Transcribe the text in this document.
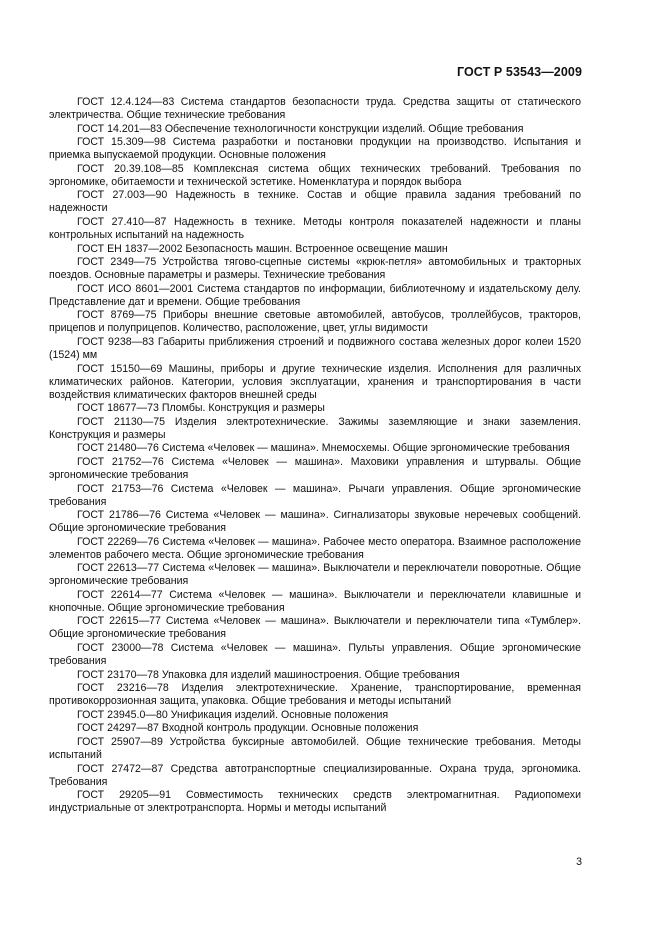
ГОСТ Р 53543—2009

ГОСТ 12.4.124—83 Система стандартов безопасности труда. Средства защиты от статического электричества. Общие технические требования

ГОСТ 14.201—83 Обеспечение технологичности конструкции изделий. Общие требования

ГОСТ 15.309—98 Система разработки и постановки продукции на производство. Испытания и приемка выпускаемой продукции. Основные положения

ГОСТ 20.39.108—85 Комплексная система общих технических требований. Требования по эргономике, обитаемости и технической эстетике. Номенклатура и порядок выбора

ГОСТ 27.003—90 Надежность в технике. Состав и общие правила задания требований по надежности

ГОСТ 27.410—87 Надежность в технике. Методы контроля показателей надежности и планы контрольных испытаний на надежность

ГОСТ ЕН 1837—2002 Безопасность машин. Встроенное освещение машин

ГОСТ 2349—75 Устройства тягово-сцепные системы «крюк-петля» автомобильных и тракторных поездов. Основные параметры и размеры. Технические требования

ГОСТ ИСО 8601—2001 Система стандартов по информации, библиотечному и издательскому делу. Представление дат и времени. Общие требования

ГОСТ 8769—75 Приборы внешние световые автомобилей, автобусов, троллейбусов, тракторов, прицепов и полуприцепов. Количество, расположение, цвет, углы видимости

ГОСТ 9238—83 Габариты приближения строений и подвижного состава железных дорог колеи 1520 (1524) мм

ГОСТ 15150—69 Машины, приборы и другие технические изделия. Исполнения для различных климатических районов. Категории, условия эксплуатации, хранения и транспортирования в части воздействия климатических факторов внешней среды

ГОСТ 18677—73 Пломбы. Конструкция и размеры

ГОСТ 21130—75 Изделия электротехнические. Зажимы заземляющие и знаки заземления. Конструкция и размеры

ГОСТ 21480—76 Система «Человек — машина». Мнемосхемы. Общие эргономические требования

ГОСТ 21752—76 Система «Человек — машина». Маховики управления и штурвалы. Общие эргономические требования

ГОСТ 21753—76 Система «Человек — машина». Рычаги управления. Общие эргономические требования

ГОСТ 21786—76 Система «Человек — машина». Сигнализаторы звуковые неречевых сообщений. Общие эргономические требования

ГОСТ 22269—76 Система «Человек — машина». Рабочее место оператора. Взаимное расположение элементов рабочего места. Общие эргономические требования

ГОСТ 22613—77 Система «Человек — машина». Выключатели и переключатели поворотные. Общие эргономические требования

ГОСТ 22614—77 Система «Человек — машина». Выключатели и переключатели клавишные и кнопочные. Общие эргономические требования

ГОСТ 22615—77 Система «Человек — машина». Выключатели и переключатели типа «Тумблер». Общие эргономические требования

ГОСТ 23000—78 Система «Человек — машина». Пульты управления. Общие эргономические требования

ГОСТ 23170—78 Упаковка для изделий машиностроения. Общие требования

ГОСТ 23216—78 Изделия электротехнические. Хранение, транспортирование, временная противокоррозионная защита, упаковка. Общие требования и методы испытаний

ГОСТ 23945.0—80 Унификация изделий. Основные положения

ГОСТ 24297—87 Входной контроль продукции. Основные положения

ГОСТ 25907—89 Устройства буксирные автомобилей. Общие технические требования. Методы испытаний

ГОСТ 27472—87 Средства автотранспортные специализированные. Охрана труда, эргономика. Требования

ГОСТ 29205—91 Совместимость технических средств электромагнитная. Радиопомехи индустриальные от электротранспорта. Нормы и методы испытаний

3
